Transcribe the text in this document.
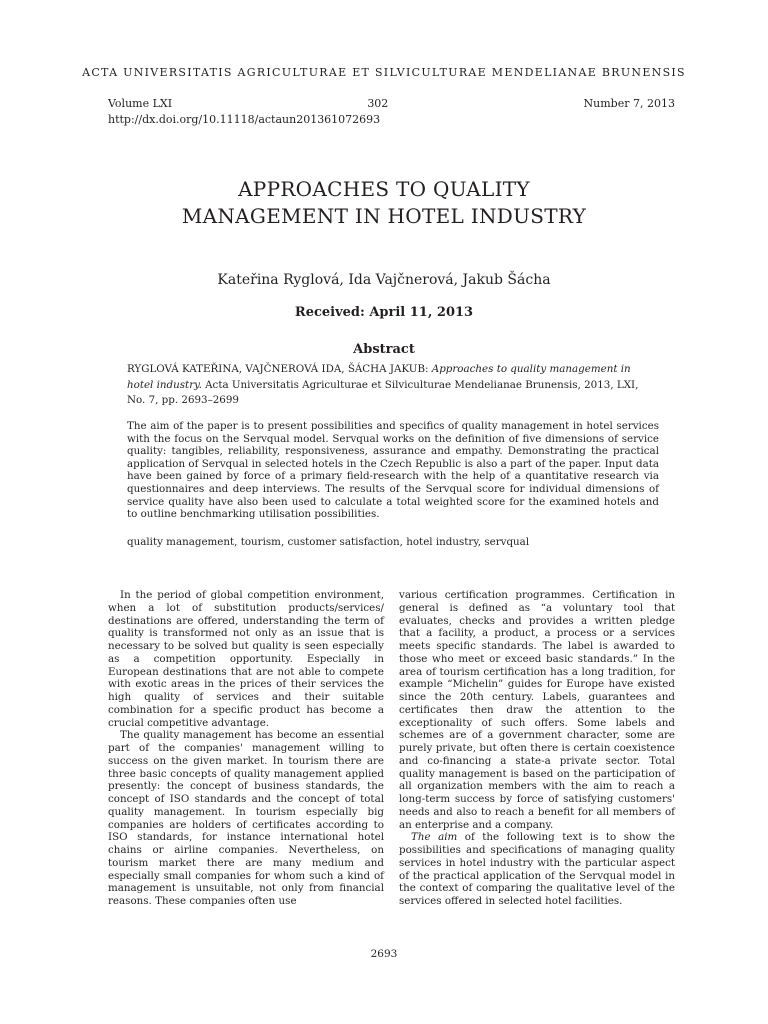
ACTA UNIVERSITATIS AGRICULTURAE ET SILVICULTURAE MENDELIANAE BRUNENSIS
Volume LXI	302	Number 7, 2013
http://dx.doi.org/10.11118/actaun201361072693
APPROACHES TO QUALITY
MANAGEMENT IN HOTEL INDUSTRY
Kateřina Ryglová, Ida Vajčnerová, Jakub Šácha
Received: April 11, 2013
Abstract
RYGLOVÁ KATEŘINA, VAJČNEROVÁ IDA, ŠÁCHA JAKUB: Approaches to quality management in hotel industry. Acta Universitatis Agriculturae et Silviculturae Mendelianae Brunensis, 2013, LXI, No. 7, pp. 2693–2699
The aim of the paper is to present possibilities and specifics of quality management in hotel services with the focus on the Servqual model. Servqual works on the definition of five dimensions of service quality: tangibles, reliability, responsiveness, assurance and empathy. Demonstrating the practical application of Servqual in selected hotels in the Czech Republic is also a part of the paper. Input data have been gained by force of a primary field-research with the help of a quantitative research via questionnaires and deep interviews. The results of the Servqual score for individual dimensions of service quality have also been used to calculate a total weighted score for the examined hotels and to outline benchmarking utilisation possibilities.
quality management, tourism, customer satisfaction, hotel industry, servqual

In the period of global competition environment, when a lot of substitution products/services/ destinations are offered, understanding the term of quality is transformed not only as an issue that is necessary to be solved but quality is seen especially as a competition opportunity. Especially in European destinations that are not able to compete with exotic areas in the prices of their services the high quality of services and their suitable combination for a specific product has become a crucial competitive advantage.

The quality management has become an essential part of the companies' management willing to success on the given market. In tourism there are three basic concepts of quality management applied presently: the concept of business standards, the concept of ISO standards and the concept of total quality management. In tourism especially big companies are holders of certificates according to ISO standards, for instance international hotel chains or airline companies. Nevertheless, on tourism market there are many medium and especially small companies for whom such a kind of management is unsuitable, not only from financial reasons. These companies often use

various certification programmes. Certification in general is defined as “a voluntary tool that evaluates, checks and provides a written pledge that a facility, a product, a process or a services meets specific standards. The label is awarded to those who meet or exceed basic standards.” In the area of tourism certification has a long tradition, for example “Michelin” guides for Europe have existed since the 20th century. Labels, guarantees and certificates then draw the attention to the exceptionality of such offers. Some labels and schemes are of a government character, some are purely private, but often there is certain coexistence and co-financing a state-a private sector. Total quality management is based on the participation of all organization members with the aim to reach a long-term success by force of satisfying customers' needs and also to reach a benefit for all members of an enterprise and a company.

The aim of the following text is to show the possibilities and specifications of managing quality services in hotel industry with the particular aspect of the practical application of the Servqual model in the context of comparing the qualitative level of the services offered in selected hotel facilities.

2693
